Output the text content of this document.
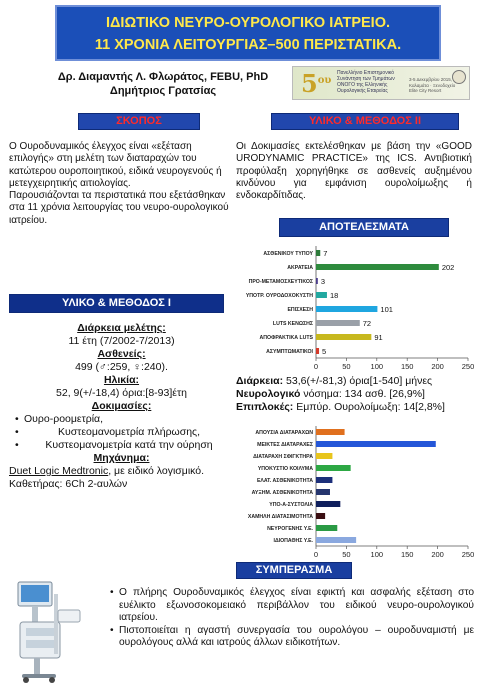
ΙΔΙΩΤΙΚΟ ΝΕΥΡΟ-ΟΥΡΟΛΟΓΙΚΟ ΙΑΤΡΕΙΟ.
11 ΧΡΟΝΙΑ ΛΕΙΤΟΥΡΓΙΑΣ–500 ΠΕΡΙΣΤΑΤΙΚΑ.
Δρ. Διαμαντής Λ. Φλωράτος, FEBU, PhD
Δημήτριος Γρατσίας	$5^{o\upsilon}$
Πανελλήνιο Επιστημονικό Συνάντηση των Τμημάτων ΟΝΟΓΟ της Ελληνικής Ουρολογικής Εταιρείας
3-5 Δεκεμβρίου 2015, Καλαμάτα · Ξενοδοχείο Elite City Resort
ΣΚΟΠΟΣ
Ο Ουροδυναμικός έλεγχος είναι «εξέταση επιλογής» στη μελέτη των διαταραχών του κατώτερου ουροποιητικού, ειδικά νευρογενούς ή μετεγχειρητικής αιτιολογίας.
Παρουσιάζονται τα περιστατικά που εξετάσθηκαν στα 11 χρόνια λειτουργίας του νευρο-ουρολογικού ιατρείου.
ΥΛΙΚΟ & ΜΕΘΟΔΟΣ Ι
Διάρκεια μελέτης:
11 έτη (7/2002-7/2013)
Ασθενείς:
499 (♂:259, ♀:240).
Ηλικία:
52, 9(+/-18,4) όρια:[8-93]έτη
Δοκιμασίες:
• Ουρο-ροομετρία,
• Κυστεομανομετρία πλήρωσης,
• Κυστεομανομετρία κατά την ούρηση
Μηχάνημα:
Duet Logic Medtronic, με ειδικό λογισμικό.
Καθετήρας: 6Ch 2-αυλών
ΥΛΙΚΟ & ΜΕΘΟΔΟΣ ΙΙ
Οι Δοκιμασίες εκτελέσθηκαν με βάση την «GOOD URODYNAMIC PRACTICE» της ICS. Αντιβιοτική προφύλαξη χορηγήθηκε σε ασθενείς αυξημένου κινδύνου για εμφάνιση ουρολοίμωξης ή ενδοκαρδίτιδας.
ΑΠΟΤΕΛΕΣΜΑΤΑ
0	50	100 150 200 250
ΑΣΘΕΝΙΚΟΥ ΤΥΠΟΥ 7
ΑΚΡΑΤΕΙΑ	202
ΠΡΟ-ΜΕΤΑΜΟΣΧΕΥΤΙΚΟΣ 3
ΥΠΟΤΡ. ΟΥΡΟΔΟΧΟΚΥΣΤΗ 18
ΕΠΙΣΧΕΣΗ	101
LUTS ΚΕΝΩΣΗΣ	72
ΑΠΟΦΡΑΚΤΙΚΑ LUTS	91
ΑΣΥΜΠΤΩΜΑΤΙΚΟΙ 5
Διάρκεια: 53,6(+/-81,3) όρια[1-540] μήνες
Νευρολογικό νόσημα: 134 ασθ. [26,9%]
Επιπλοκές: Εμπύρ. Ουρολοίμωξη: 14[2,8%]
0	50	100 150 200 250
ΑΠΟΥΣΙΑ ΔΙΑΤΑΡΑΧΩΝ
ΜΕΙΚΤΕΣ ΔΙΑΤΑΡΑΧΕΣ
ΔΙΑΤΑΡΑΧΗ ΣΦΙΓΚΤΗΡΑ
ΥΠΟΚΥΣΤΙΟ ΚΟΙΛΥΜΑ
ΕΛΑΤ. ΑΣΘΕΝΙΚΟΤΗΤΑ
ΑΥΞΗΜ. ΑΣΘΕΝΙΚΟΤΗΤΑ
ΥΠΟ-Α-ΣΥΣΤΟΛΙΑ
ΧΑΜΗΛΗ ΔΙΑΤΑΣΙΜΟΤΗΤΑ
ΝΕΥΡΟΓΕΝΗΣ Υ.Ε.
ΙΔΙΟΠΑΘΗΣ Υ.Ε.
ΣΥΜΠΕΡΑΣΜΑ
• Ο πλήρης Ουροδυναμικός έλεγχος είναι εφικτή και ασφαλής εξέταση στο ευέλικτο εξωνοσοκομειακό περιβάλλον του ειδικού νευρο-ουρολογικού ιατρείου.
• Πιστοποιείται η αγαστή συνεργασία του ουρολόγου – ουροδυναμιστή με ουρολόγους αλλά και ιατρούς άλλων ειδικοτήτων.
